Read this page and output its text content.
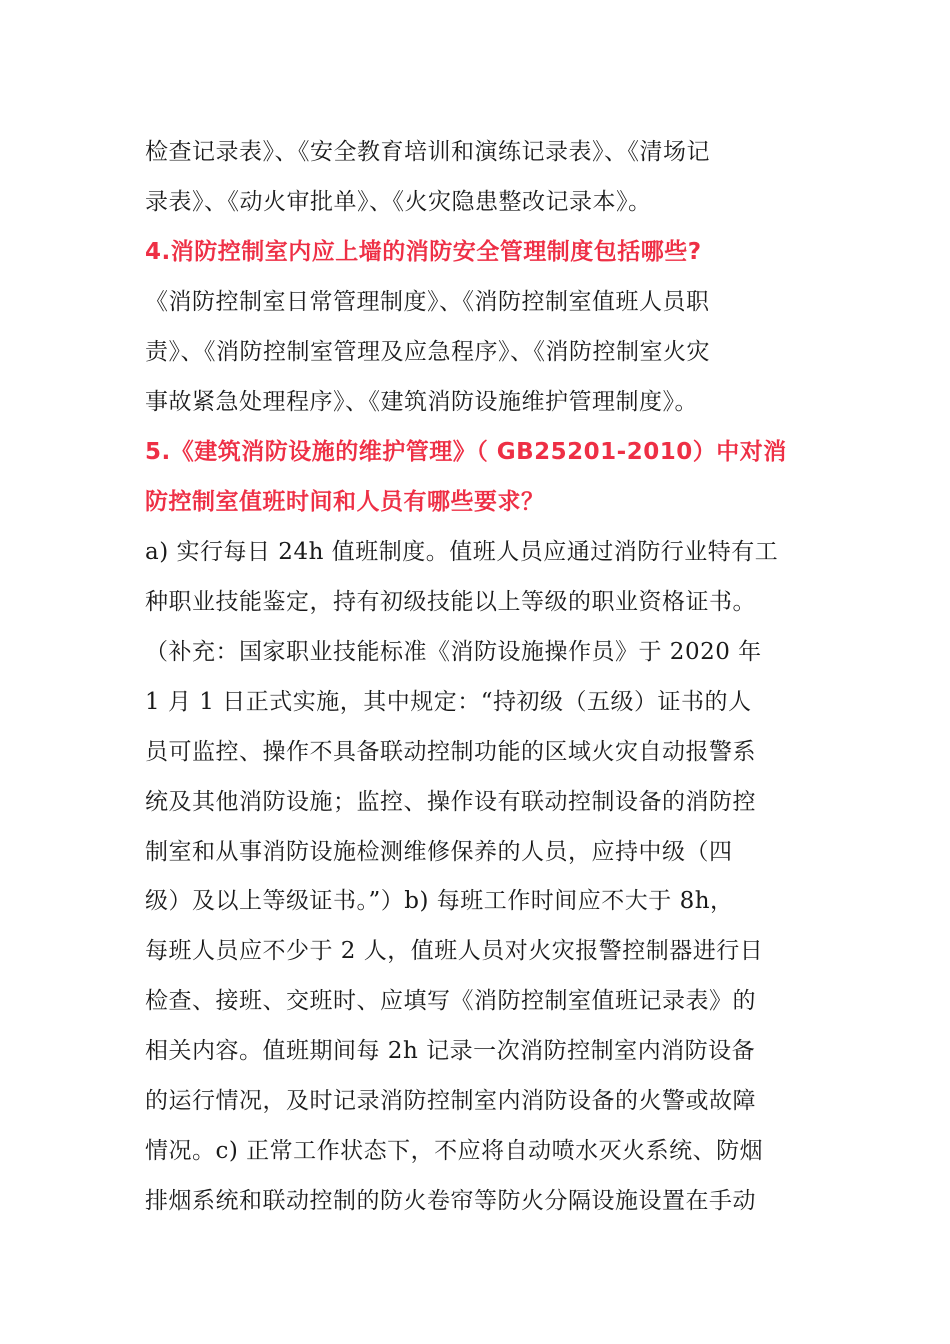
检查记录表》、《安全教育培训和演练记录表》、《清场记
录表》、《动火审批单》、《火灾隐患整改记录本》。
4.消防控制室内应上墙的消防安全管理制度包括哪些?
《消防控制室日常管理制度》、《消防控制室值班人员职
责》、《消防控制室管理及应急程序》、《消防控制室火灾
事故紧急处理程序》、《建筑消防设施维护管理制度》。
5.《建筑消防设施的维护管理》（ GB25201-2010）中对消
防控制室值班时间和人员有哪些要求？
a) 实行每日 24h 值班制度。值班人员应通过消防行业特有工
种职业技能鉴定，持有初级技能以上等级的职业资格证书。
（补充：国家职业技能标准《消防设施操作员》于 2020 年
1 月 1 日正式实施，其中规定：“持初级（五级）证书的人
员可监控、操作不具备联动控制功能的区域火灾自动报警系
统及其他消防设施；监控、操作设有联动控制设备的消防控
制室和从事消防设施检测维修保养的人员，应持中级（四
级）及以上等级证书。”）b) 每班工作时间应不大于 8h，
每班人员应不少于 2 人，值班人员对火灾报警控制器进行日
检查、接班、交班时、应填写《消防控制室值班记录表》的
相关内容。值班期间每 2h 记录一次消防控制室内消防设备
的运行情况，及时记录消防控制室内消防设备的火警或故障
情况。c) 正常工作状态下，不应将自动喷水灭火系统、防烟
排烟系统和联动控制的防火卷帘等防火分隔设施设置在手动
